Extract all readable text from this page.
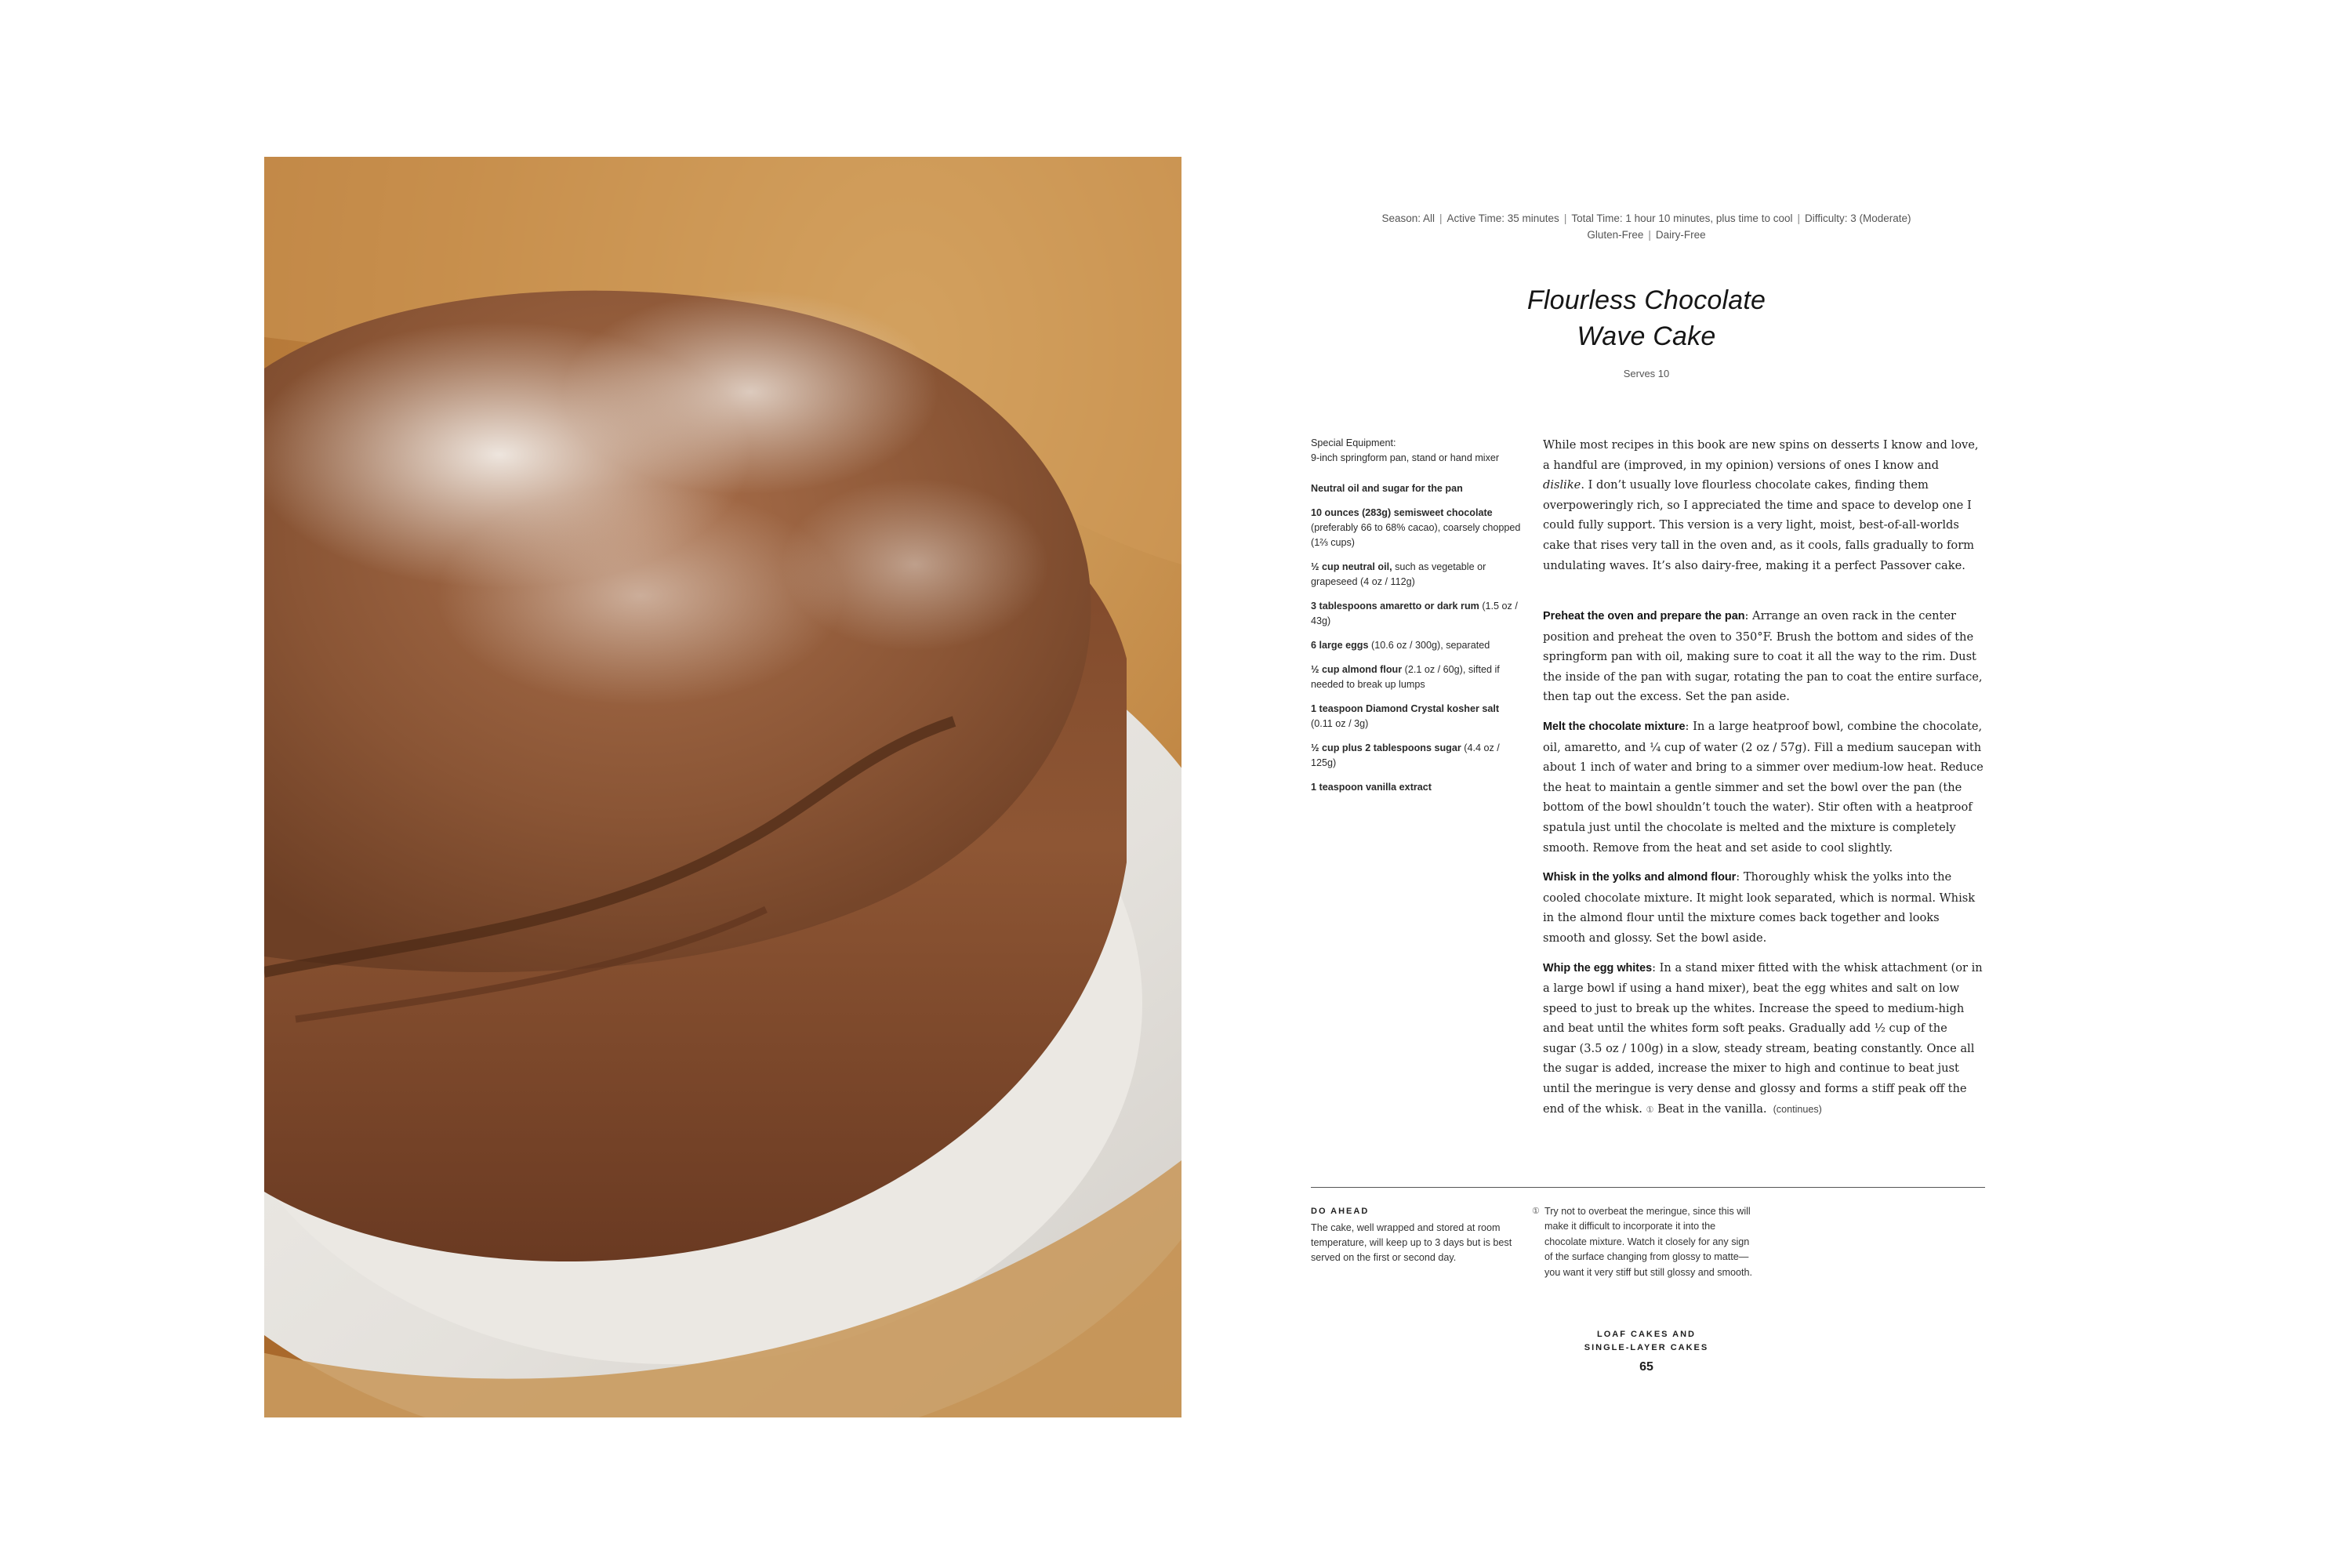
Season: All | Active Time: 35 minutes | Total Time: 1 hour 10 minutes, plus time to cool | Difficulty: 3 (Moderate)
Gluten-Free | Dairy-Free
Flourless Chocolate
Wave Cake
Serves 10
Special Equipment:
9-inch springform pan, stand or hand mixer
Neutral oil and sugar for the pan
10 ounces (283g) semisweet chocolate (preferably 66 to 68% cacao), coarsely chopped (1⅔ cups)
½ cup neutral oil, such as vegetable or grapeseed (4 oz / 112g)
3 tablespoons amaretto or dark rum (1.5 oz / 43g)
6 large eggs (10.6 oz / 300g), separated
½ cup almond flour (2.1 oz / 60g), sifted if needed to break up lumps
1 teaspoon Diamond Crystal kosher salt (0.11 oz / 3g)
½ cup plus 2 tablespoons sugar (4.4 oz / 125g)
1 teaspoon vanilla extract

While most recipes in this book are new spins on desserts I know and love, a handful are (improved, in my opinion) versions of ones I know and dislike. I don’t usually love flourless chocolate cakes, finding them overpoweringly rich, so I appreciated the time and space to develop one I could fully support. This version is a very light, moist, best-of-all-worlds cake that rises very tall in the oven and, as it cools, falls gradually to form undulating waves. It’s also dairy-free, making it a perfect Passover cake.

Preheat the oven and prepare the pan: Arrange an oven rack in the center position and preheat the oven to 350°F. Brush the bottom and sides of the springform pan with oil, making sure to coat it all the way to the rim. Dust the inside of the pan with sugar, rotating the pan to coat the entire surface, then tap out the excess. Set the pan aside.

Melt the chocolate mixture: In a large heatproof bowl, combine the chocolate, oil, amaretto, and ¼ cup of water (2 oz / 57g). Fill a medium saucepan with about 1 inch of water and bring to a simmer over medium-low heat. Reduce the heat to maintain a gentle simmer and set the bowl over the pan (the bottom of the bowl shouldn’t touch the water). Stir often with a heatproof spatula just until the chocolate is melted and the mixture is completely smooth. Remove from the heat and set aside to cool slightly.

Whisk in the yolks and almond flour: Thoroughly whisk the yolks into the cooled chocolate mixture. It might look separated, which is normal. Whisk in the almond flour until the mixture comes back together and looks smooth and glossy. Set the bowl aside.

Whip the egg whites: In a stand mixer fitted with the whisk attachment (or in a large bowl if using a hand mixer), beat the egg whites and salt on low speed to just to break up the whites. Increase the speed to medium-high and beat until the whites form soft peaks. Gradually add ½ cup of the sugar (3.5 oz / 100g) in a slow, steady stream, beating constantly. Once all the sugar is added, increase the mixer to high and continue to beat just until the meringue is very dense and glossy and forms a stiff peak off the end of the whisk. ① Beat in the vanilla. (continues)

DO AHEAD
The cake, well wrapped and stored at room temperature, will keep up to 3 days but is best served on the first or second day.
① Try not to overbeat the meringue, since this will make it difficult to incorporate it into the chocolate mixture. Watch it closely for any sign of the surface changing from glossy to matte—you want it very stiff but still glossy and smooth.
LOAF CAKES AND
SINGLE-LAYER CAKES
65
